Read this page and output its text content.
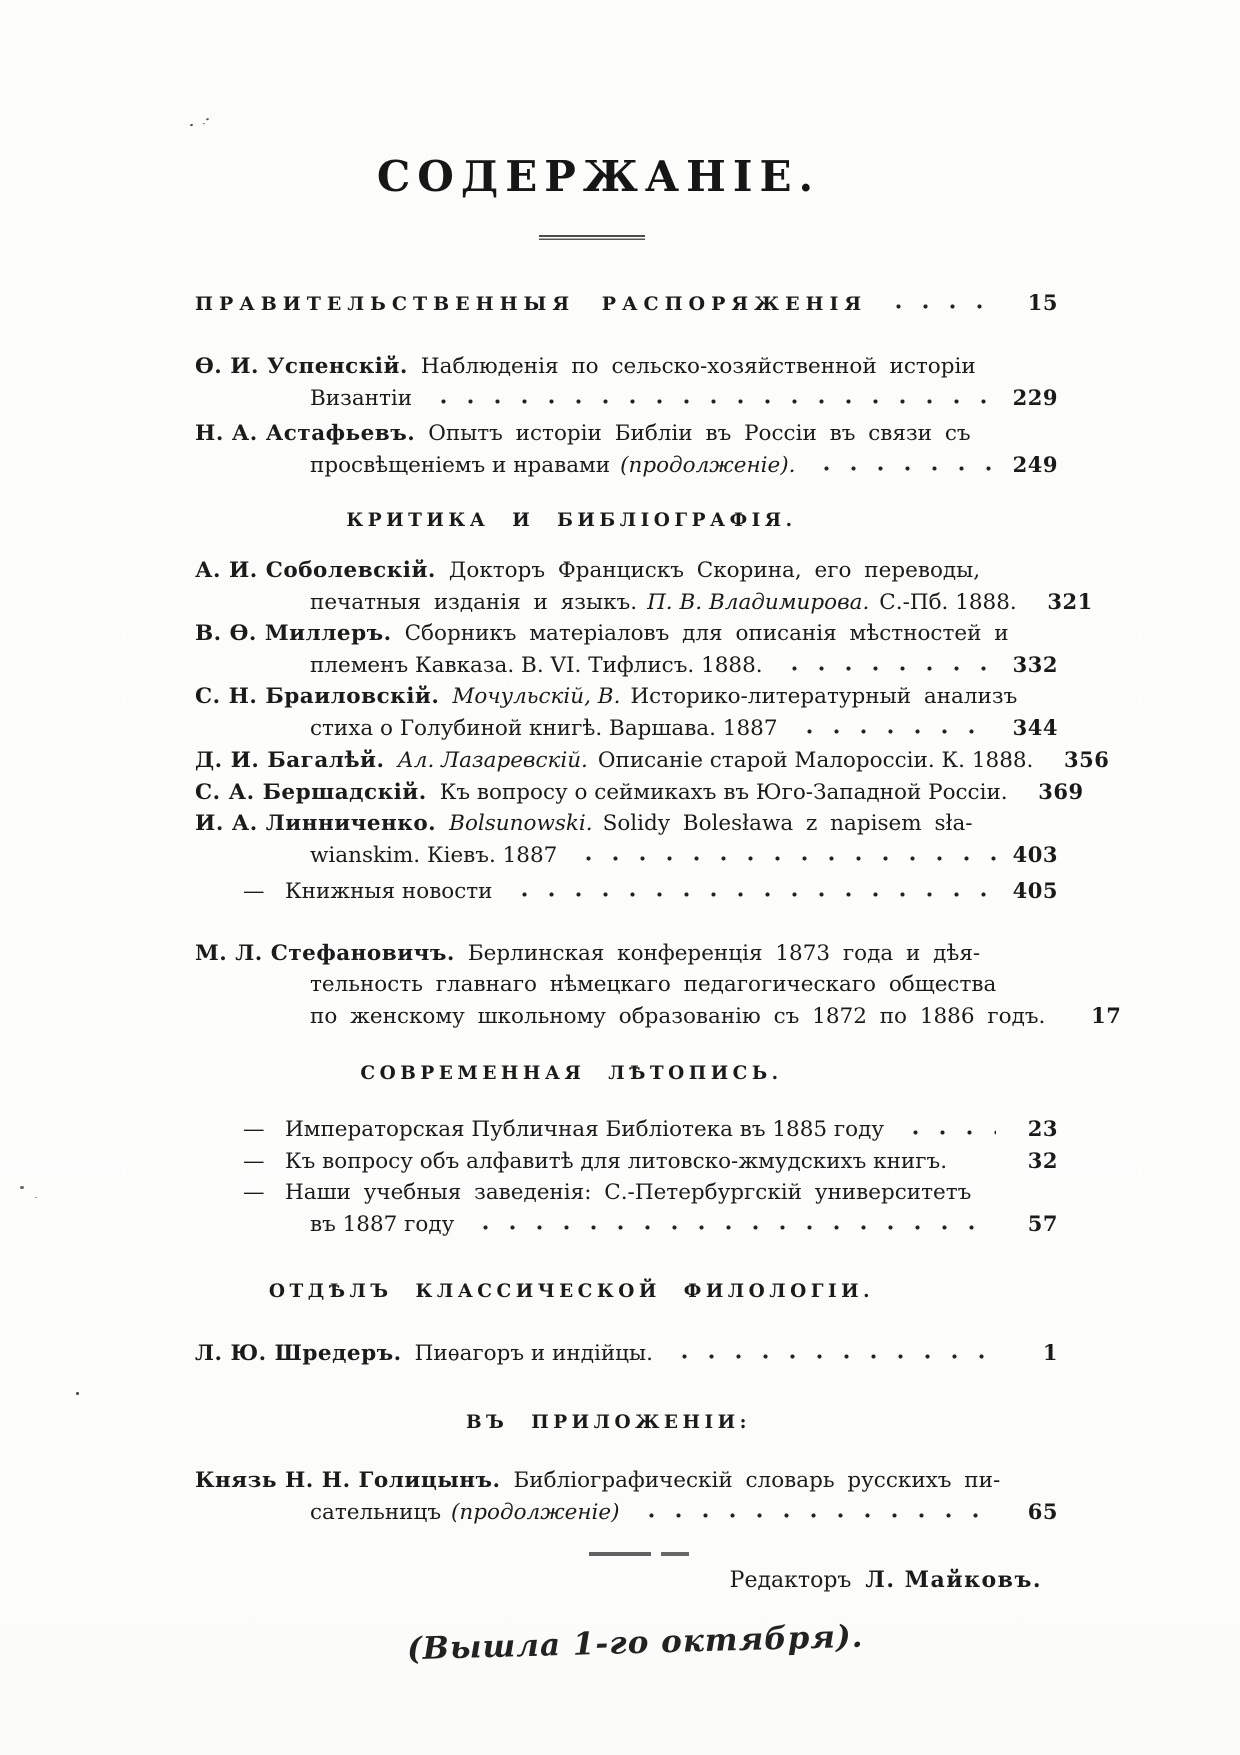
СОДЕРЖАНІЕ.
ПРАВИТЕЛЬСТВЕННЫЯ РАСПОРЯЖЕНІЯ	15
Ѳ. И. Успенскій. Наблюденія по сельско-хозяйственной исторіи
Византіи	229
Н. А. Астафьевъ. Опытъ исторіи Библіи въ Россіи въ связи съ
просвѣщеніемъ и нравами (продолженіе).	249
КРИТИКА И БИБЛІОГРАФІЯ.
А. И. Соболевскій. Докторъ Францискъ Скорина, его переводы,
печатныя изданія и языкъ. П. В. Владимирова. С.-Пб. 1888.	321
В. Ѳ. Миллеръ. Сборникъ матеріаловъ для описанія мѣстностей и
племенъ Кавказа. В. VI. Тифлисъ. 1888.	332
С. Н. Браиловскій. Мочульскій, В. Историко-литературный анализъ
стиха о Голубиной книгѣ. Варшава. 1887	344
Д. И. Багалѣй. Ал. Лазаревскій. Описаніе старой Малороссіи. К. 1888.	356
С. А. Бершадскій. Къ вопросу о сеймикахъ въ Юго-Западной Россіи.	369
И. А. Линниченко. Bolsunowski. Solidy Bolesława z napisem sła-
wianskim. Кіевъ. 1887	403
— Книжныя новости	405
М. Л. Стефановичъ. Берлинская конференція 1873 года и дѣя-
тельность главнаго нѣмецкаго педагогическаго общества
по женскому школьному образованію съ 1872 по 1886 годъ.	17
СОВРЕМЕННАЯ ЛѢТОПИСЬ.
— Императорская Публичная Библіотека въ 1885 году	23
— Къ вопросу объ алфавитѣ для литовско-жмудскихъ книгъ.	32
— Наши учебныя заведенія: С.-Петербургскій университетъ
въ 1887 году	57
ОТДѢЛЪ КЛАССИЧЕСКОЙ ФИЛОЛОГІИ.
Л. Ю. Шредеръ. Пиѳагоръ и индійцы.	1
ВЪ ПРИЛОЖЕНІИ:
Князь Н. Н. Голицынъ. Библіографическій словарь русскихъ пи-
сательницъ (продолженіе)	65
Редакторъ Л. Майковъ.
(Вышла 1-го октября).
